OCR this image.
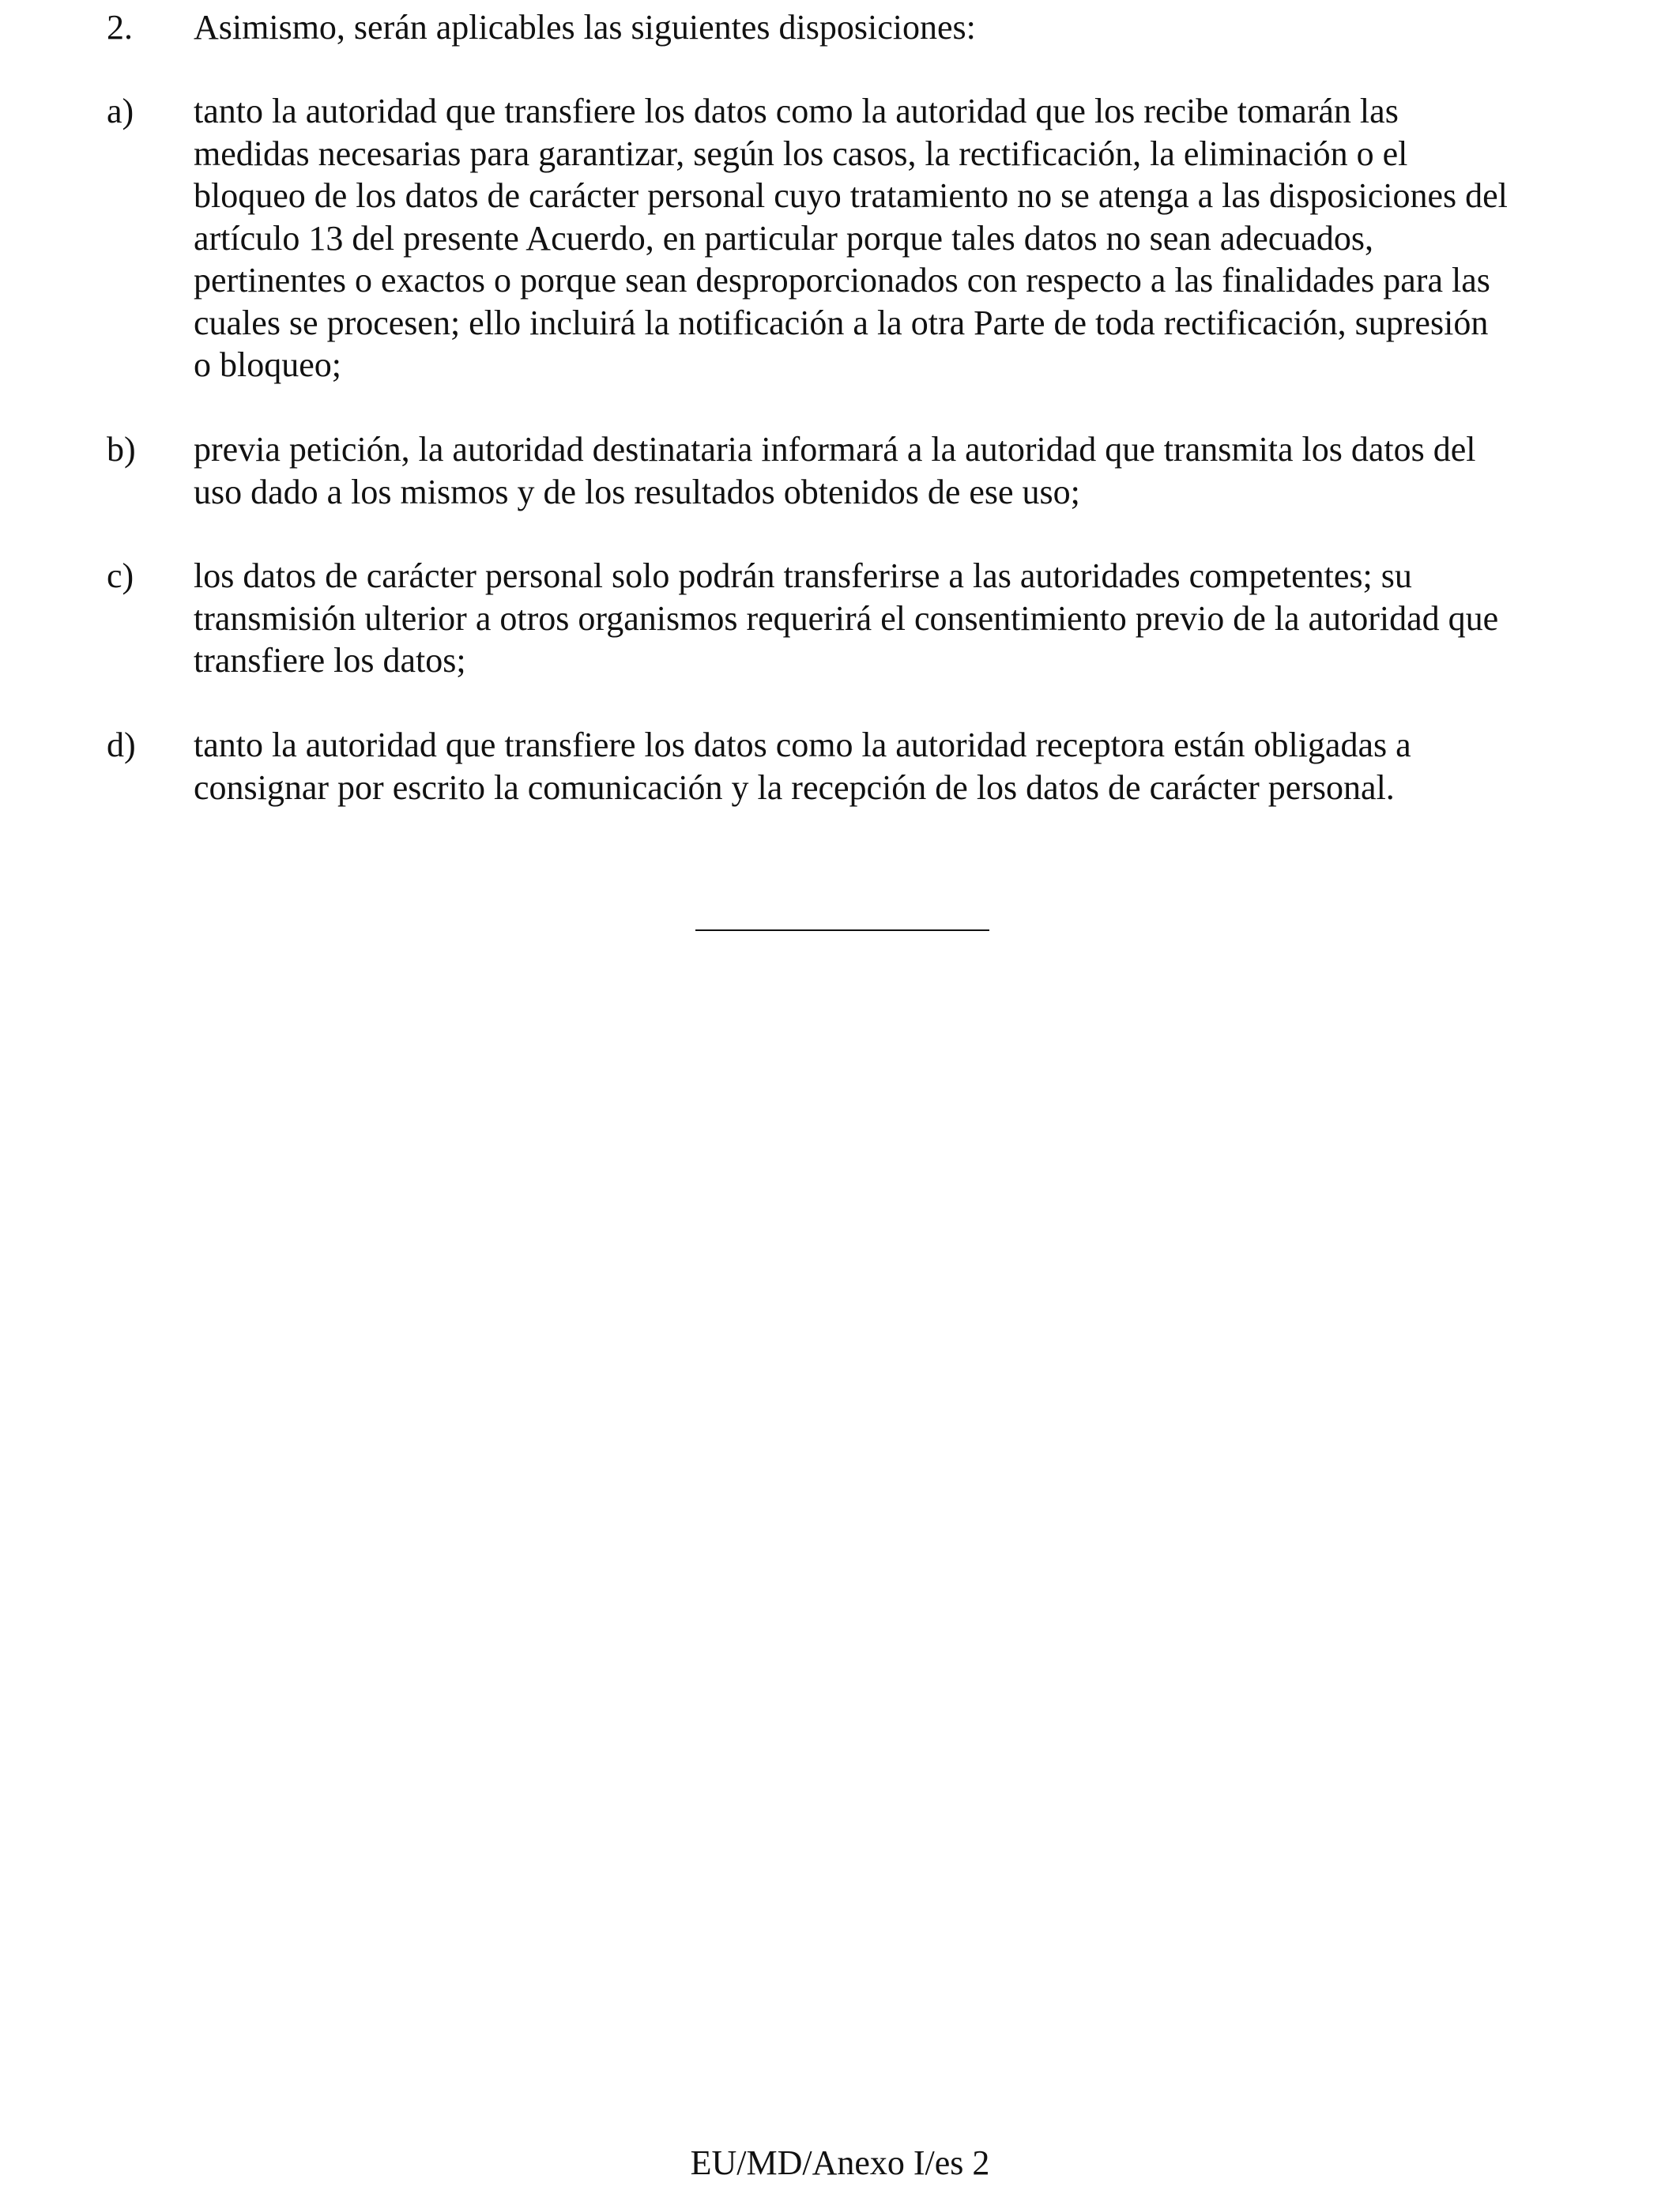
2.	Asimismo, serán aplicables las siguientes disposiciones:
a)	tanto la autoridad que transfiere los datos como la autoridad que los recibe tomarán las
medidas necesarias para garantizar, según los casos, la rectificación, la eliminación o el
bloqueo de los datos de carácter personal cuyo tratamiento no se atenga a las disposiciones del
artículo 13 del presente Acuerdo, en particular porque tales datos no sean adecuados,
pertinentes o exactos o porque sean desproporcionados con respecto a las finalidades para las
cuales se procesen; ello incluirá la notificación a la otra Parte de toda rectificación, supresión
o bloqueo;
b)	previa petición, la autoridad destinataria informará a la autoridad que transmita los datos del
uso dado a los mismos y de los resultados obtenidos de ese uso;
c)	los datos de carácter personal solo podrán transferirse a las autoridades competentes; su
transmisión ulterior a otros organismos requerirá el consentimiento previo de la autoridad que
transfiere los datos;
d)	tanto la autoridad que transfiere los datos como la autoridad receptora están obligadas a
consignar por escrito la comunicación y la recepción de los datos de carácter personal.
EU/MD/Anexo I/es 2
